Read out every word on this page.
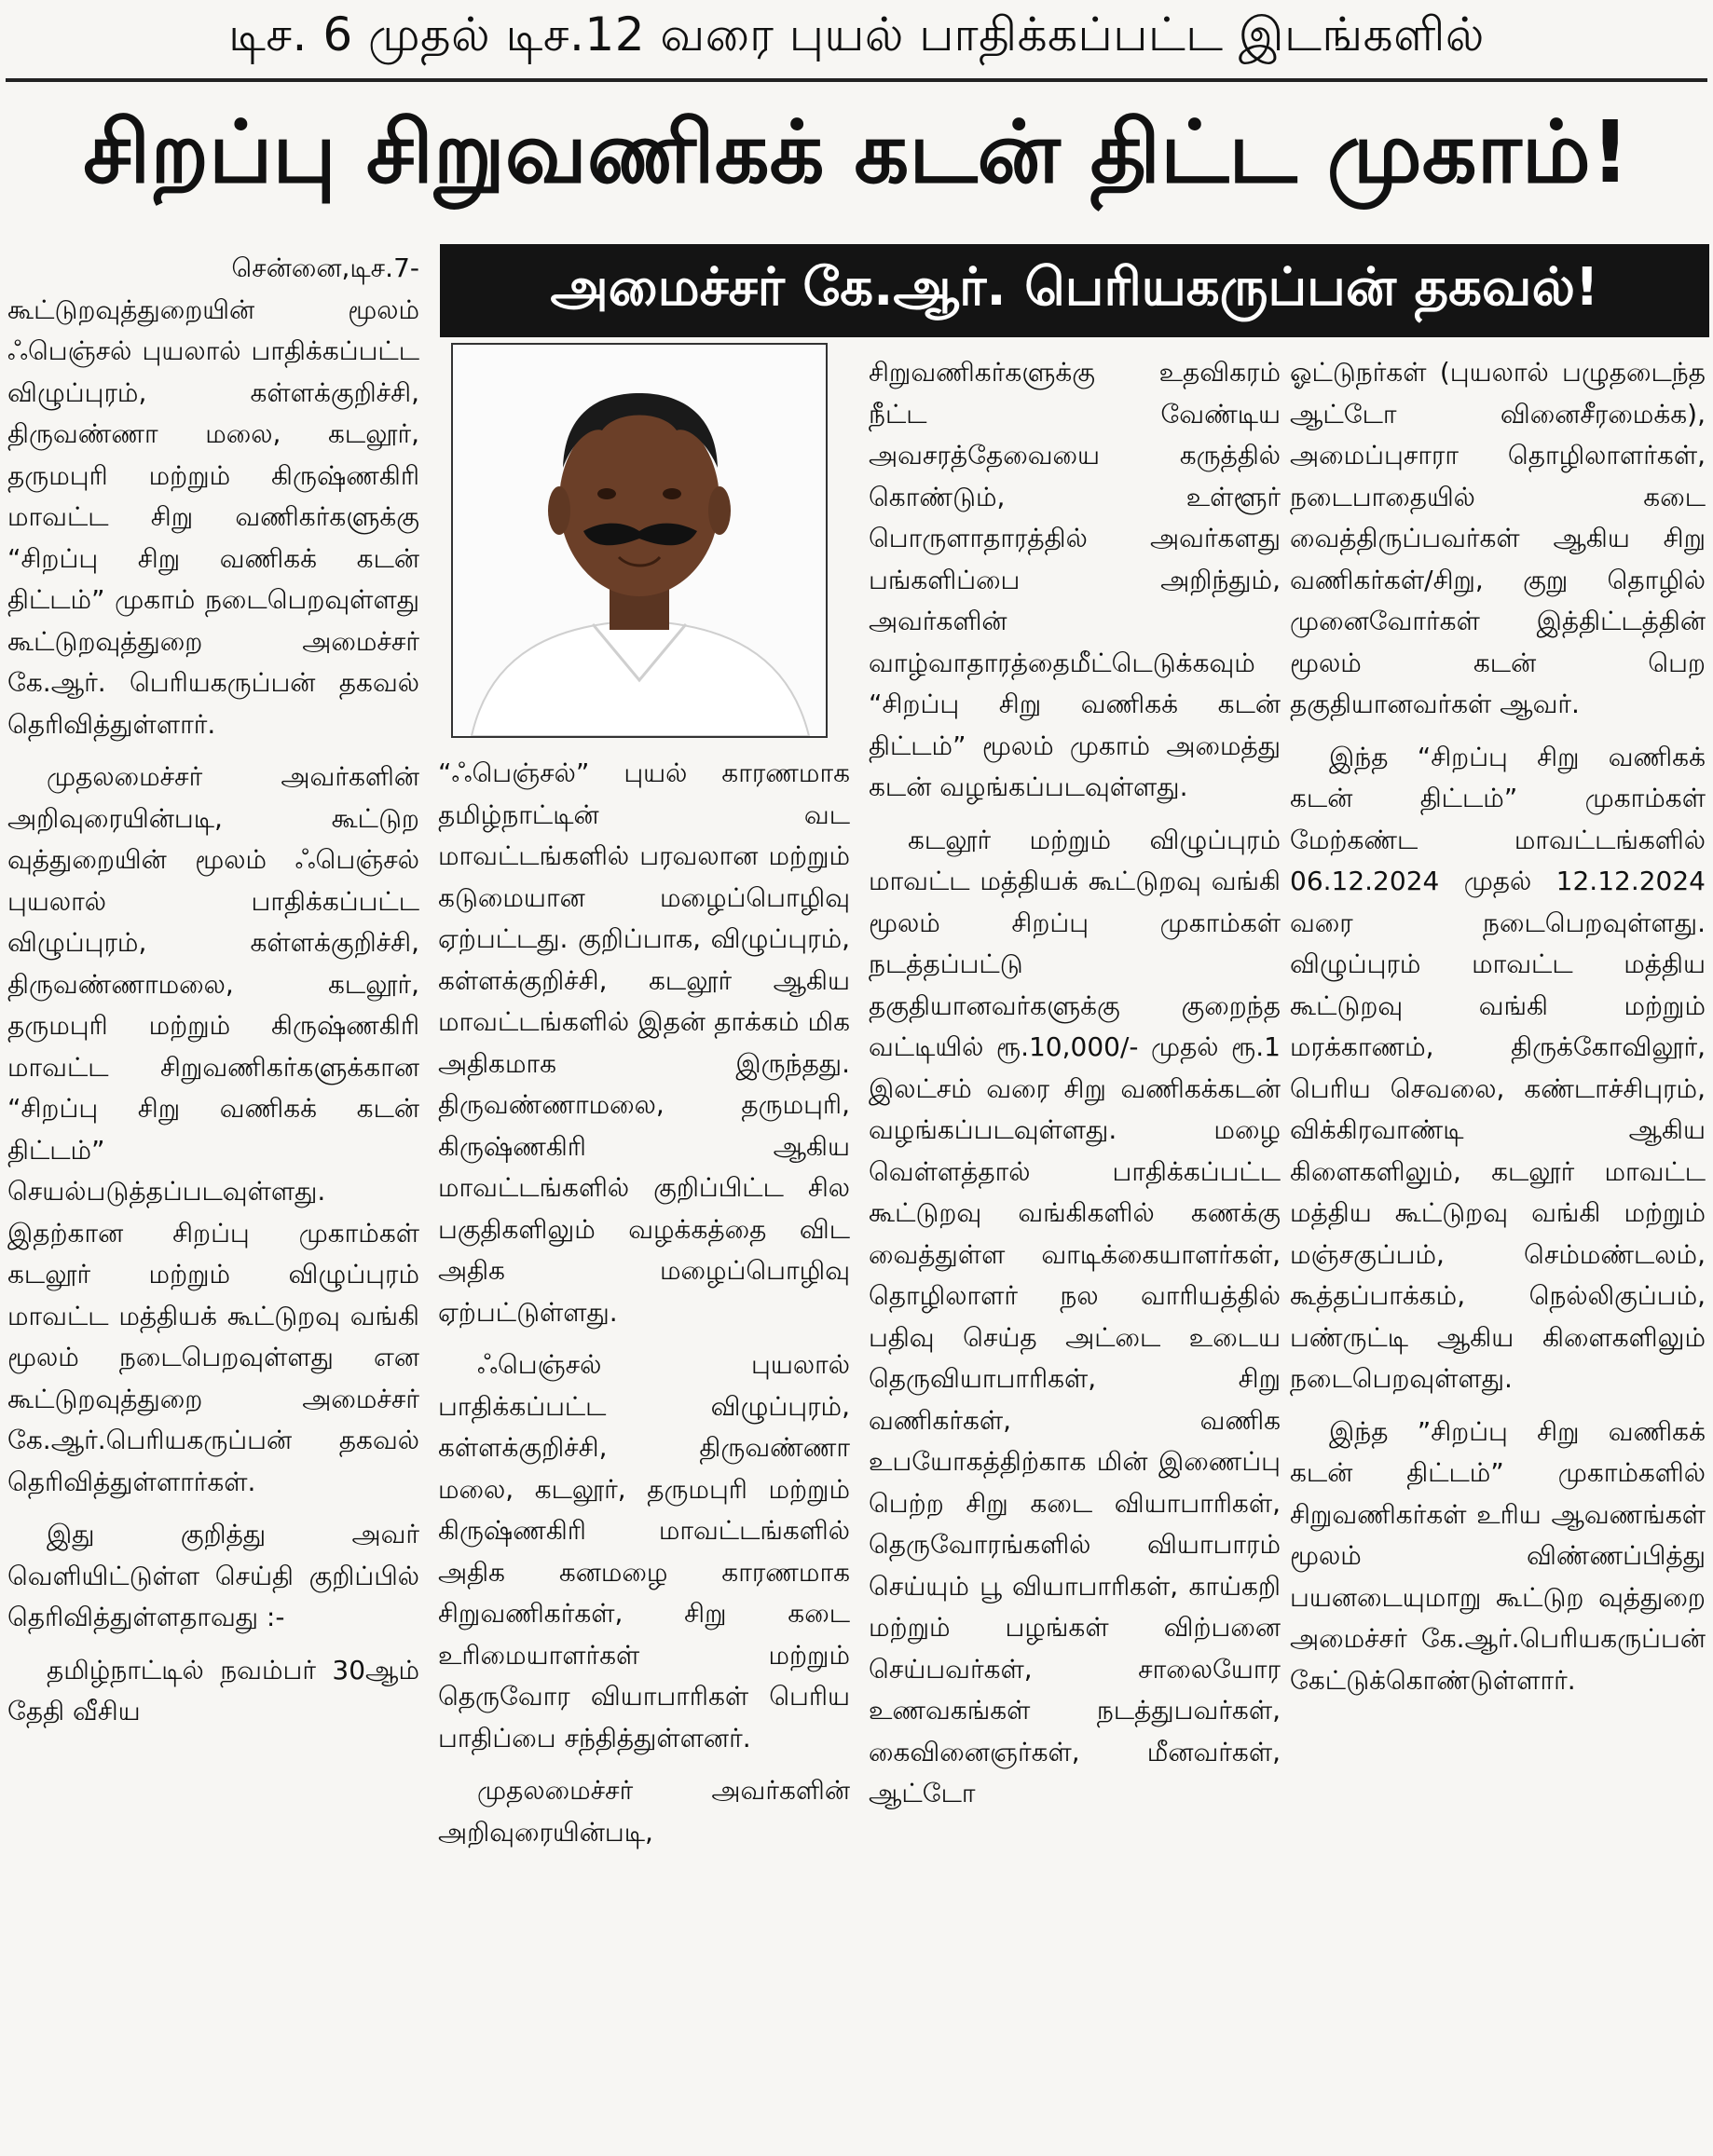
டிச. 6 முதல் டிச.12 வரை புயல் பாதிக்கப்பட்ட இடங்களில்
சிறப்பு சிறுவணிகக் கடன் திட்ட முகாம்!
அமைச்சர் கே.ஆர். பெரியகருப்பன் தகவல்!
சென்னை,டிச.7-

கூட்டுறவுத்துறையின் மூலம் ஃபெஞ்சல் புயலால் பாதிக்கப்பட்ட விழுப்புரம், கள்ளக்குறிச்சி, திருவண்ணா மலை, கடலூர், தருமபுரி மற்றும் கிருஷ்ணகிரி மாவட்ட சிறு வணிகர்களுக்கு “சிறப்பு சிறு வணிகக் கடன் திட்டம்” முகாம் நடைபெறவுள்ளது கூட்டுறவுத்துறை அமைச்சர் கே.ஆர். பெரியகருப்பன் தகவல் தெரிவித்துள்ளார்.

முதலமைச்சர் அவர்களின் அறிவுரையின்படி, கூட்டுற வுத்துறையின் மூலம் ஃபெஞ்சல் புயலால் பாதிக்கப்பட்ட விழுப்புரம், கள்ளக்குறிச்சி, திருவண்ணாமலை, கடலூர், தருமபுரி மற்றும் கிருஷ்ணகிரி மாவட்ட சிறுவணிகர்களுக்கான “சிறப்பு சிறு வணிகக் கடன் திட்டம்” செயல்படுத்தப்படவுள்ளது. இதற்கான சிறப்பு முகாம்கள் கடலூர் மற்றும் விழுப்புரம் மாவட்ட மத்தியக் கூட்டுறவு வங்கி மூலம் நடைபெறவுள்ளது என கூட்டுறவுத்துறை அமைச்சர் கே.ஆர்.பெரியகருப்பன் தகவல் தெரிவித்துள்ளார்கள்.

இது குறித்து அவர் வெளியிட்டுள்ள செய்தி குறிப்பில் தெரிவித்துள்ளதாவது :-

தமிழ்நாட்டில் நவம்பர் 30ஆம் தேதி வீசிய

“ஃபெஞ்சல்” புயல் காரணமாக தமிழ்நாட்டின் வட மாவட்டங்களில் பரவலான மற்றும் கடுமையான மழைப்பொழிவு ஏற்பட்டது. குறிப்பாக, விழுப்புரம், கள்ளக்குறிச்சி, கடலூர் ஆகிய மாவட்டங்களில் இதன் தாக்கம் மிக அதிகமாக இருந்தது. திருவண்ணாமலை, தருமபுரி, கிருஷ்ணகிரி ஆகிய மாவட்டங்களில் குறிப்பிட்ட சில பகுதிகளிலும் வழக்கத்தை விட அதிக மழைப்பொழிவு ஏற்பட்டுள்ளது.

ஃபெஞ்சல் புயலால் பாதிக்கப்பட்ட விழுப்புரம், கள்ளக்குறிச்சி, திருவண்ணா மலை, கடலூர், தருமபுரி மற்றும் கிருஷ்ணகிரி மாவட்டங்களில் அதிக கனமழை காரணமாக சிறுவணிகர்கள், சிறு கடை உரிமையாளர்கள் மற்றும் தெருவோர வியாபாரிகள் பெரிய பாதிப்பை சந்தித்துள்ளனர்.

முதலமைச்சர் அவர்களின் அறிவுரையின்படி,

சிறுவணிகர்களுக்கு உதவிகரம் நீட்ட வேண்டிய அவசரத்தேவையை கருத்தில் கொண்டும், உள்ளூர் பொருளாதாரத்தில் அவர்களது பங்களிப்பை அறிந்தும், அவர்களின் வாழ்வாதாரத்தைமீட்டெடுக்கவும் “சிறப்பு சிறு வணிகக் கடன் திட்டம்” மூலம் முகாம் அமைத்து கடன் வழங்கப்படவுள்ளது.

கடலூர் மற்றும் விழுப்புரம் மாவட்ட மத்தியக் கூட்டுறவு வங்கி மூலம் சிறப்பு முகாம்கள் நடத்தப்பட்டு தகுதியானவர்களுக்கு குறைந்த வட்டியில் ரூ.10,000/- முதல் ரூ.1 இலட்சம் வரை சிறு வணிகக்கடன் வழங்கப்படவுள்ளது. மழை வெள்ளத்தால் பாதிக்கப்பட்ட கூட்டுறவு வங்கிகளில் கணக்கு வைத்துள்ள வாடிக்கையாளர்கள், தொழிலாளர் நல வாரியத்தில் பதிவு செய்த அட்டை உடைய தெருவியாபாரிகள், சிறு வணிகர்கள், வணிக உபயோகத்திற்காக மின் இணைப்பு பெற்ற சிறு கடை வியாபாரிகள், தெருவோரங்களில் வியாபாரம் செய்யும் பூ வியாபாரிகள், காய்கறி மற்றும் பழங்கள் விற்பனை செய்பவர்கள், சாலையோர உணவகங்கள் நடத்துபவர்கள், கைவினைஞர்கள், மீனவர்கள், ஆட்டோ

ஓட்டுநர்கள் (புயலால் பழுதடைந்த ஆட்டோ வினைசீரமைக்க), அமைப்புசாரா தொழிலாளர்கள், நடைபாதையில் கடை வைத்திருப்பவர்கள் ஆகிய சிறு வணிகர்கள்/சிறு, குறு தொழில் முனைவோர்கள் இத்திட்டத்தின் மூலம் கடன் பெற தகுதியானவர்கள் ஆவர்.

இந்த “சிறப்பு சிறு வணிகக் கடன் திட்டம்” முகாம்கள் மேற்கண்ட மாவட்டங்களில் 06.12.2024 முதல் 12.12.2024 வரை நடைபெறவுள்ளது. விழுப்புரம் மாவட்ட மத்திய கூட்டுறவு வங்கி மற்றும் மரக்காணம், திருக்கோவிலூர், பெரிய செவலை, கண்டாச்சிபுரம், விக்கிரவாண்டி ஆகிய கிளைகளிலும், கடலூர் மாவட்ட மத்திய கூட்டுறவு வங்கி மற்றும் மஞ்சகுப்பம், செம்மண்டலம், கூத்தப்பாக்கம், நெல்லிகுப்பம், பண்ருட்டி ஆகிய கிளைகளிலும் நடைபெறவுள்ளது.

இந்த ”சிறப்பு சிறு வணிகக் கடன் திட்டம்” முகாம்களில் சிறுவணிகர்கள் உரிய ஆவணங்கள் மூலம் விண்ணப்பித்து பயனடையுமாறு கூட்டுற வுத்துறை அமைச்சர் கே.ஆர்.பெரியகருப்பன் கேட்டுக்கொண்டுள்ளார்.
